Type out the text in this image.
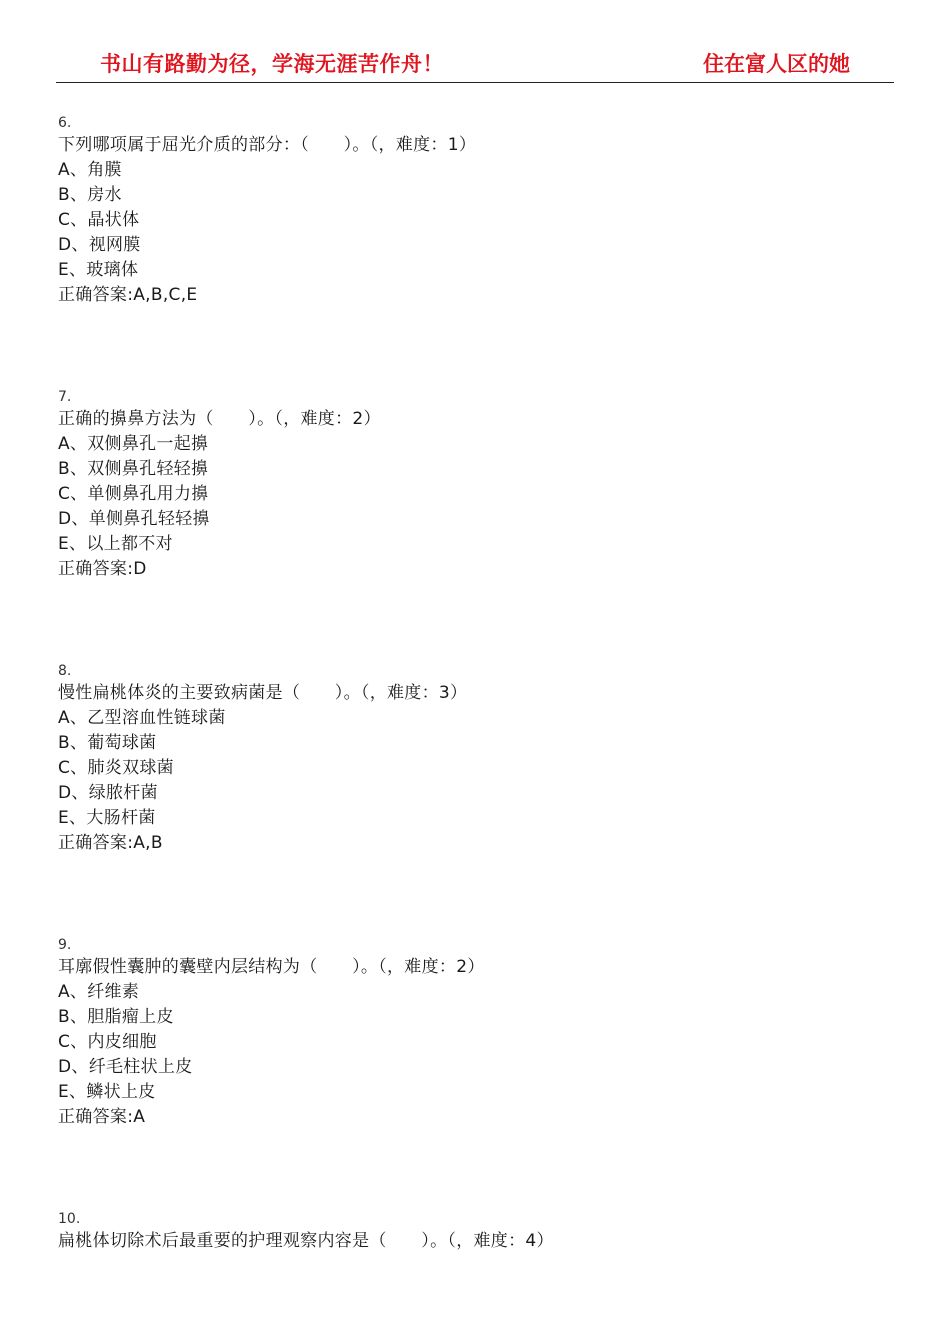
书山有路勤为径，学海无涯苦作舟！	住在富人区的她
6.
下列哪项属于屈光介质的部分：（　　）。（，难度：1）
A、角膜
B、房水
C、晶状体
D、视网膜
E、玻璃体
正确答案:A,B,C,E
7.
正确的擤鼻方法为（　　）。（，难度：2）
A、双侧鼻孔一起擤
B、双侧鼻孔轻轻擤
C、单侧鼻孔用力擤
D、单侧鼻孔轻轻擤
E、以上都不对
正确答案:D
8.
慢性扁桃体炎的主要致病菌是（　　）。（，难度：3）
A、乙型溶血性链球菌
B、葡萄球菌
C、肺炎双球菌
D、绿脓杆菌
E、大肠杆菌
正确答案:A,B
9.
耳廓假性囊肿的囊壁内层结构为（　　）。（，难度：2）
A、纤维素
B、胆脂瘤上皮
C、内皮细胞
D、纤毛柱状上皮
E、鳞状上皮
正确答案:A
10.
扁桃体切除术后最重要的护理观察内容是（　　）。（，难度：4）
